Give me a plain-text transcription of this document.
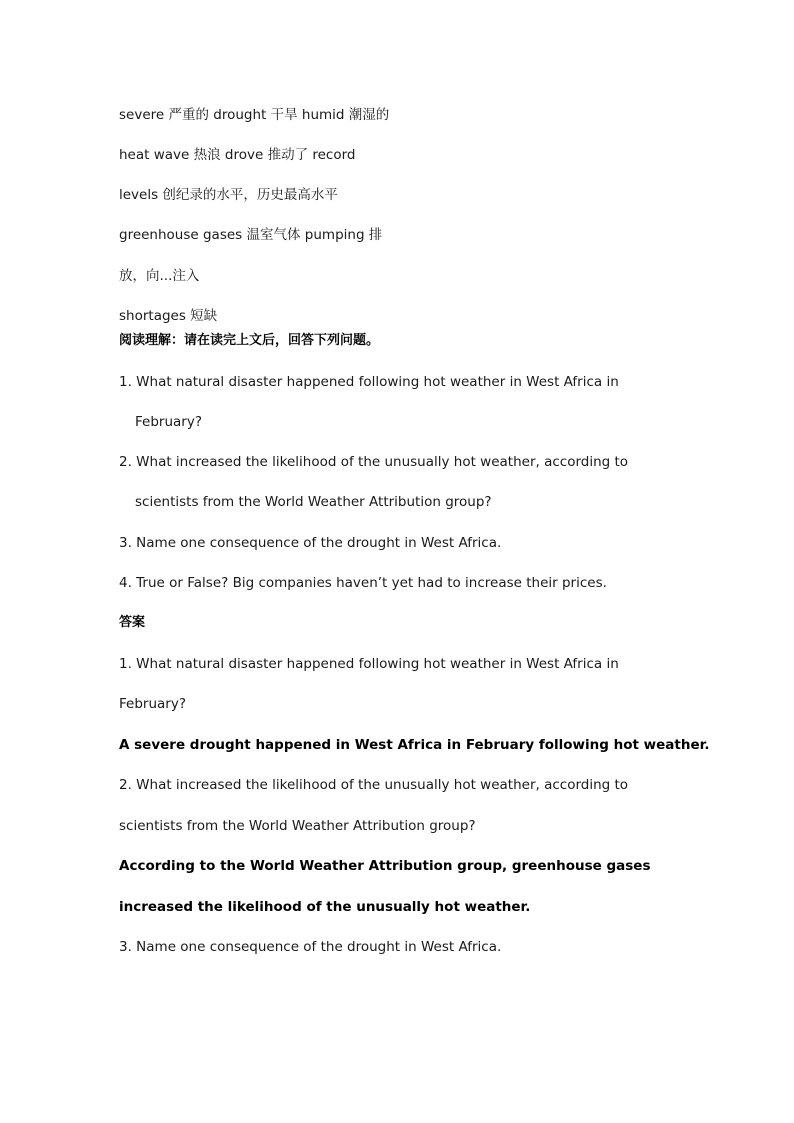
severe 严重的 drought 干旱 humid 潮湿的
heat wave 热浪 drove 推动了 record
levels 创纪录的水平，历史最高水平
greenhouse gases 温室气体 pumping 排
放，向...注入
shortages 短缺
阅读理解：请在读完上文后，回答下列问题。
1. What natural disaster happened following hot weather in West Africa in
February?
2. What increased the likelihood of the unusually hot weather, according to
scientists from the World Weather Attribution group?
3. Name one consequence of the drought in West Africa.
4. True or False? Big companies haven’t yet had to increase their prices.
答案
1. What natural disaster happened following hot weather in West Africa in
February?
A severe drought happened in West Africa in February following hot weather.
2. What increased the likelihood of the unusually hot weather, according to
scientists from the World Weather Attribution group?
According to the World Weather Attribution group, greenhouse gases
increased the likelihood of the unusually hot weather.
3. Name one consequence of the drought in West Africa.
